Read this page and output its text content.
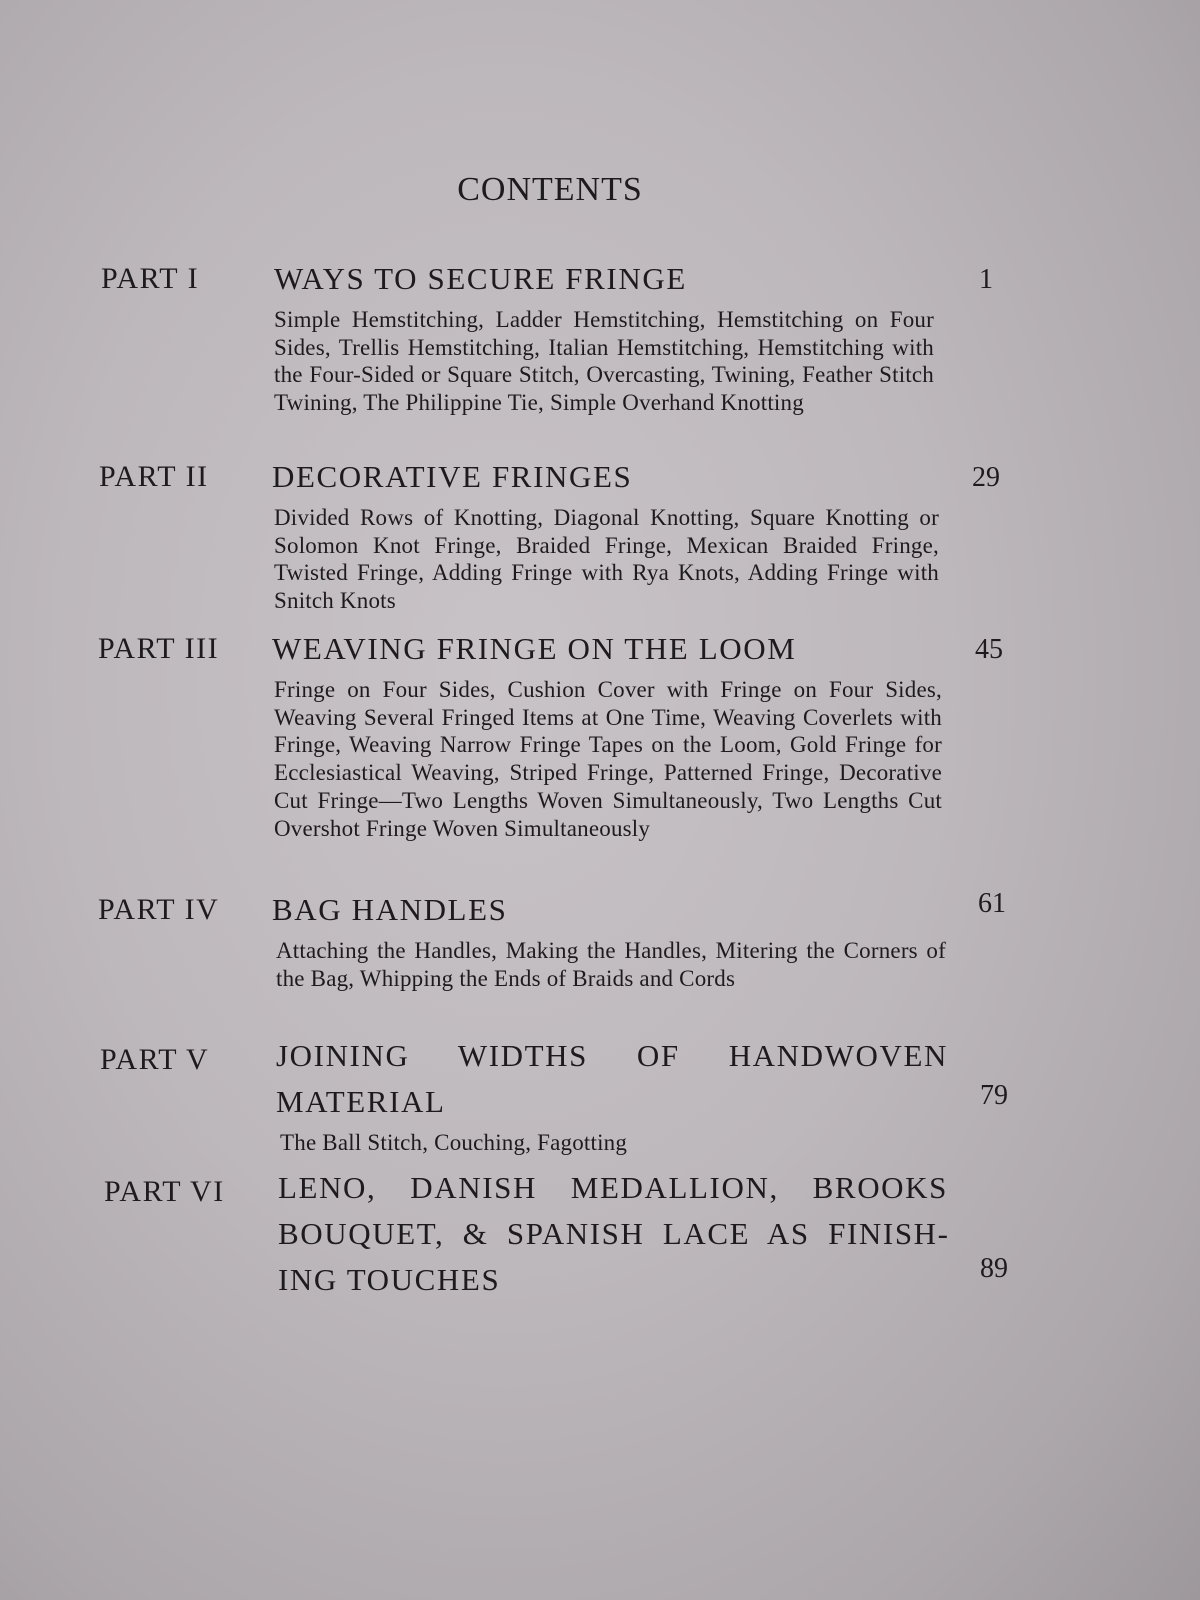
CONTENTS
PART I WAYS TO SECURE FRINGE	1
Simple Hemstitching, Ladder Hemstitching, Hemstitching on Four Sides, Trellis Hemstitching, Italian Hemstitching, Hemstitching with the Four-Sided or Square Stitch, Overcasting, Twining, Feather Stitch Twining, The Philippine Tie, Simple Overhand Knotting
PART II DECORATIVE FRINGES	29
Divided Rows of Knotting, Diagonal Knotting, Square Knotting or Solomon Knot Fringe, Braided Fringe, Mexican Braided Fringe, Twisted Fringe, Adding Fringe with Rya Knots, Adding Fringe with Snitch Knots
PART III WEAVING FRINGE ON THE LOOM	45
Fringe on Four Sides, Cushion Cover with Fringe on Four Sides, Weaving Several Fringed Items at One Time, Weaving Coverlets with Fringe, Weaving Narrow Fringe Tapes on the Loom, Gold Fringe for Ecclesiastical Weaving, Striped Fringe, Patterned Fringe, Decorative Cut Fringe—Two Lengths Woven Simultaneously, Two Lengths Cut Overshot Fringe Woven Simultaneously
PART IV BAG HANDLES	61
Attaching the Handles, Making the Handles, Mitering the Corners of the Bag, Whipping the Ends of Braids and Cords
PART V JOINING WIDTHS OF HANDWOVEN MATERIAL	79
The Ball Stitch, Couching, Fagotting
PART VI LENO, DANISH MEDALLION, BROOKS BOUQUET, & SPANISH LACE AS FINISHING TOUCHES	89
